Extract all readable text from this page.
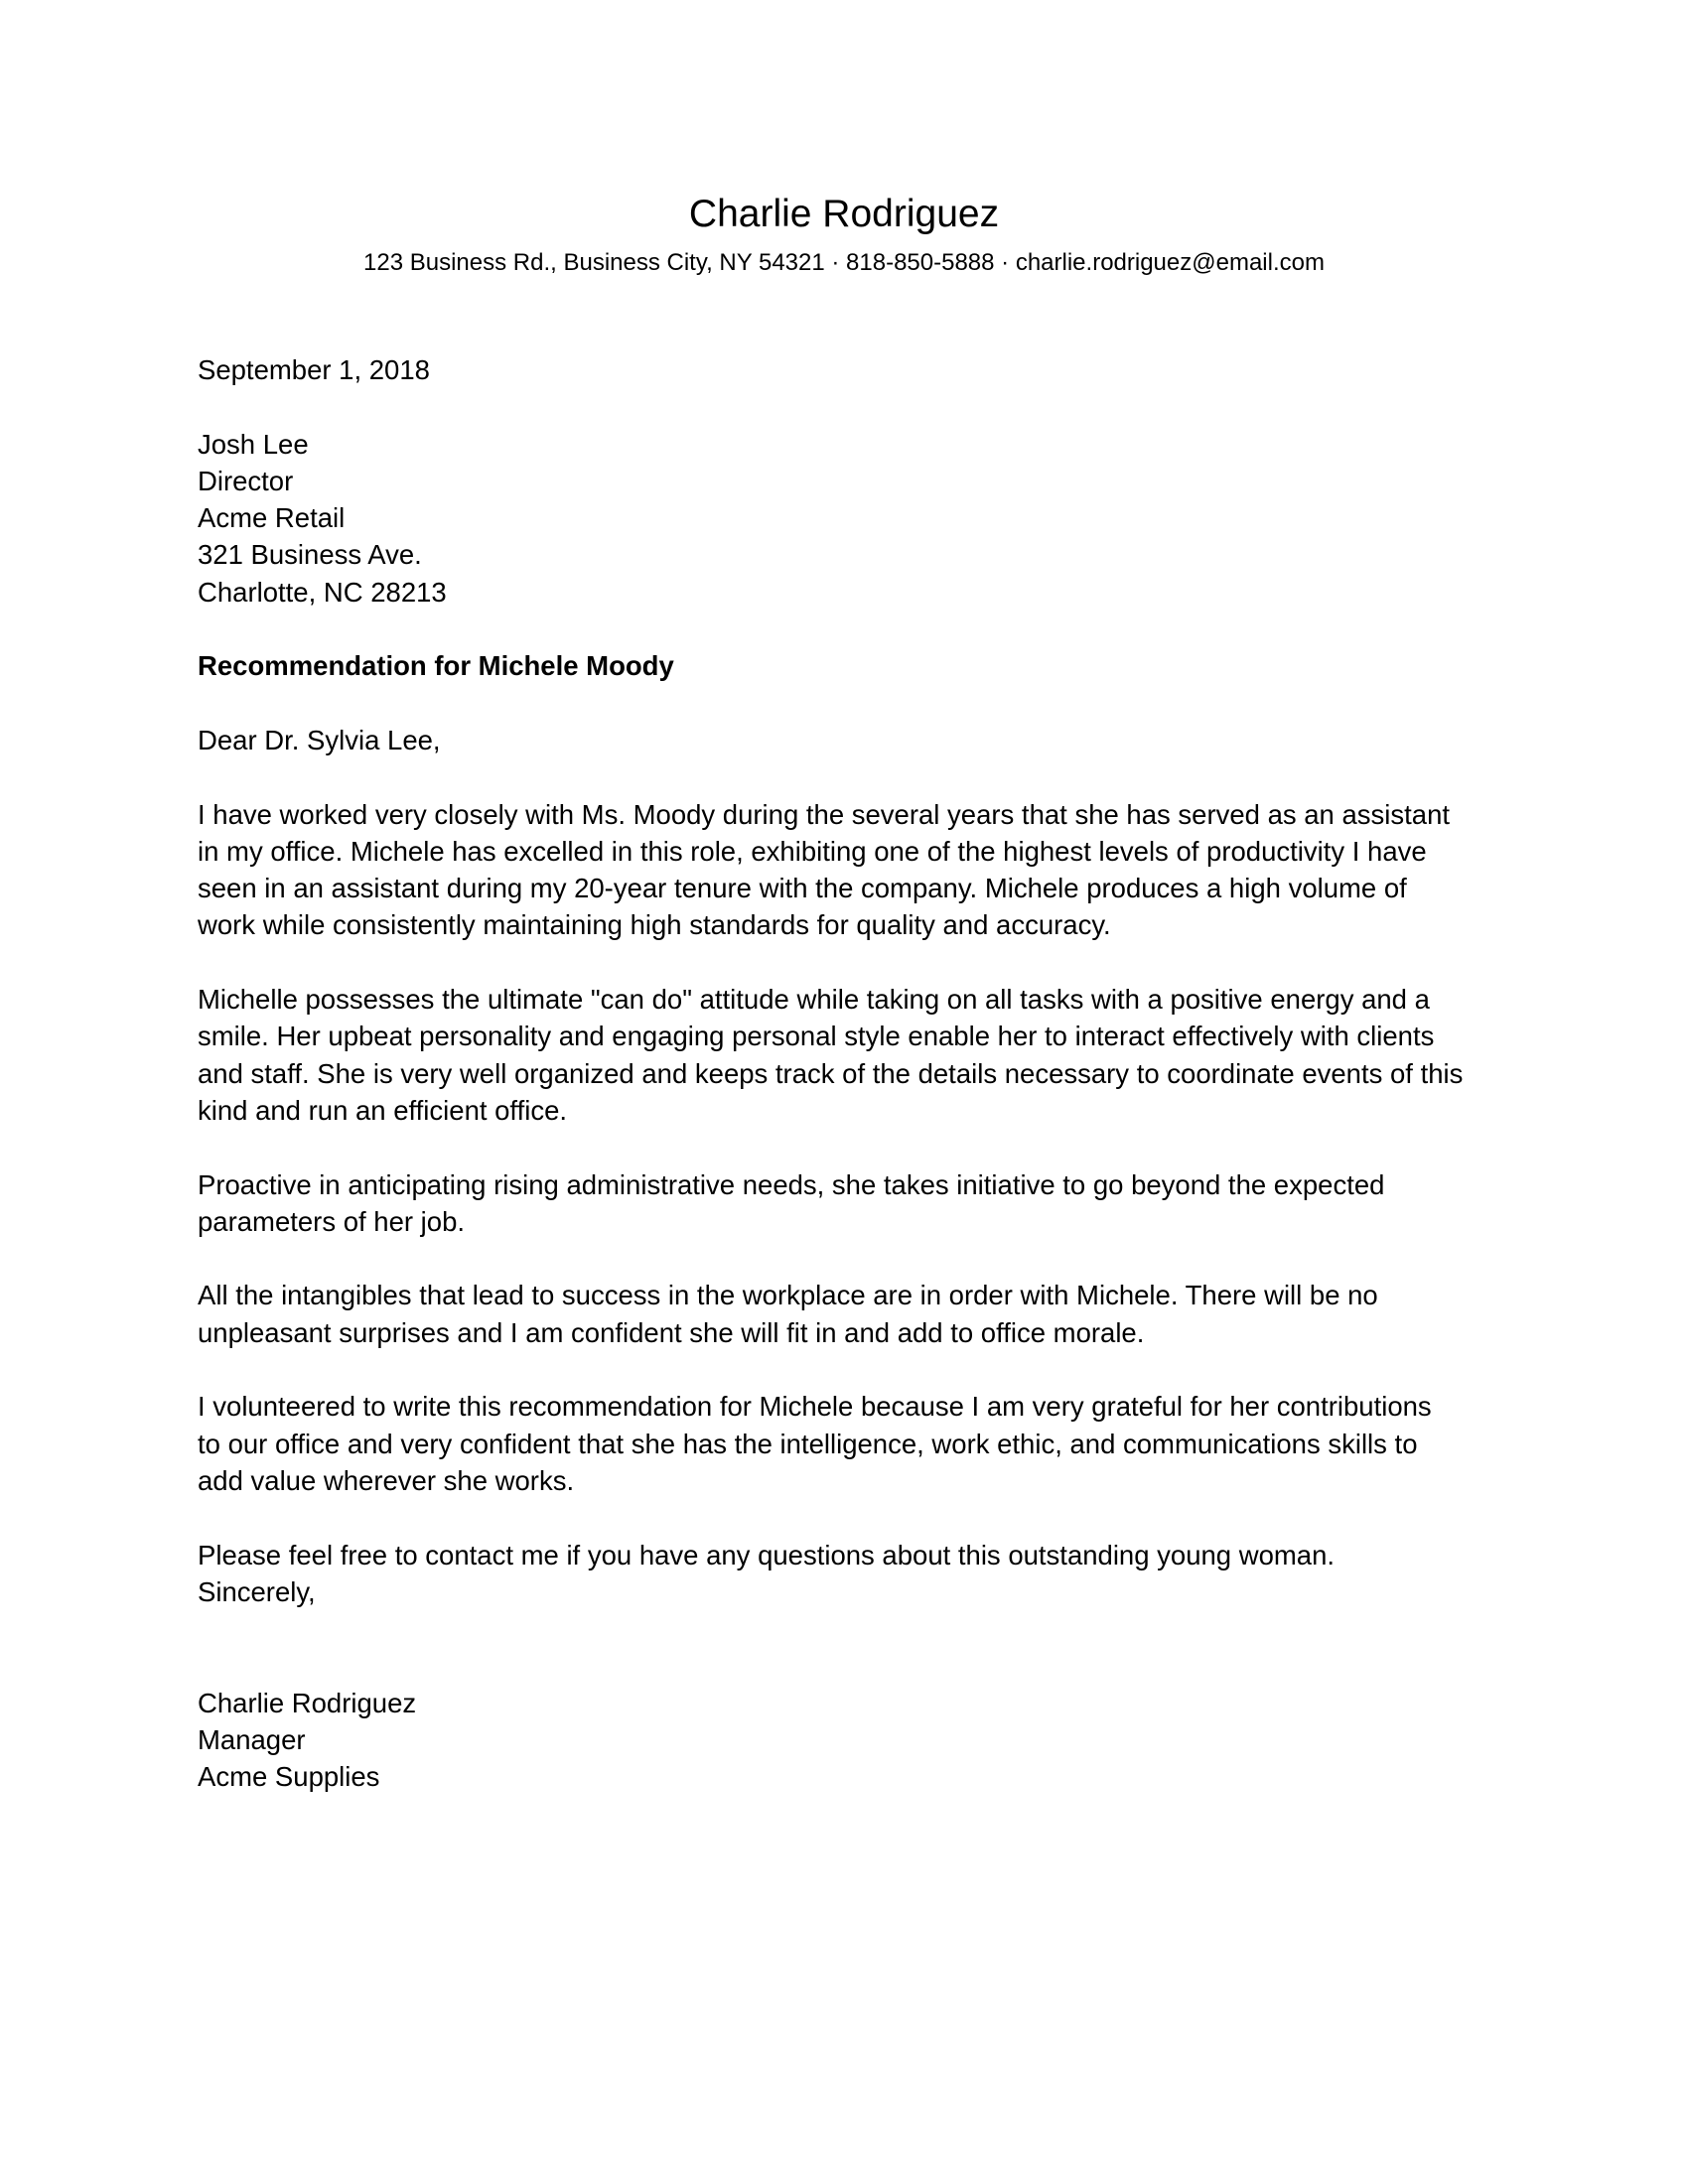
Charlie Rodriguez
123 Business Rd., Business City, NY 54321 · 818-850-5888 · charlie.rodriguez@email.com

September 1, 2018

Josh Lee
Director
Acme Retail
321 Business Ave.
Charlotte, NC 28213

Recommendation for Michele Moody

Dear Dr. Sylvia Lee,

I have worked very closely with Ms. Moody during the several years that she has served as an assistant
in my office. Michele has excelled in this role, exhibiting one of the highest levels of productivity I have
seen in an assistant during my 20-year tenure with the company. Michele produces a high volume of
work while consistently maintaining high standards for quality and accuracy.

Michelle possesses the ultimate "can do" attitude while taking on all tasks with a positive energy and a
smile. Her upbeat personality and engaging personal style enable her to interact effectively with clients
and staff. She is very well organized and keeps track of the details necessary to coordinate events of this
kind and run an efficient office.

Proactive in anticipating rising administrative needs, she takes initiative to go beyond the expected
parameters of her job.

All the intangibles that lead to success in the workplace are in order with Michele. There will be no
unpleasant surprises and I am confident she will fit in and add to office morale.

I volunteered to write this recommendation for Michele because I am very grateful for her contributions
to our office and very confident that she has the intelligence, work ethic, and communications skills to
add value wherever she works.

Please feel free to contact me if you have any questions about this outstanding young woman.
Sincerely,

Charlie Rodriguez
Manager
Acme Supplies
